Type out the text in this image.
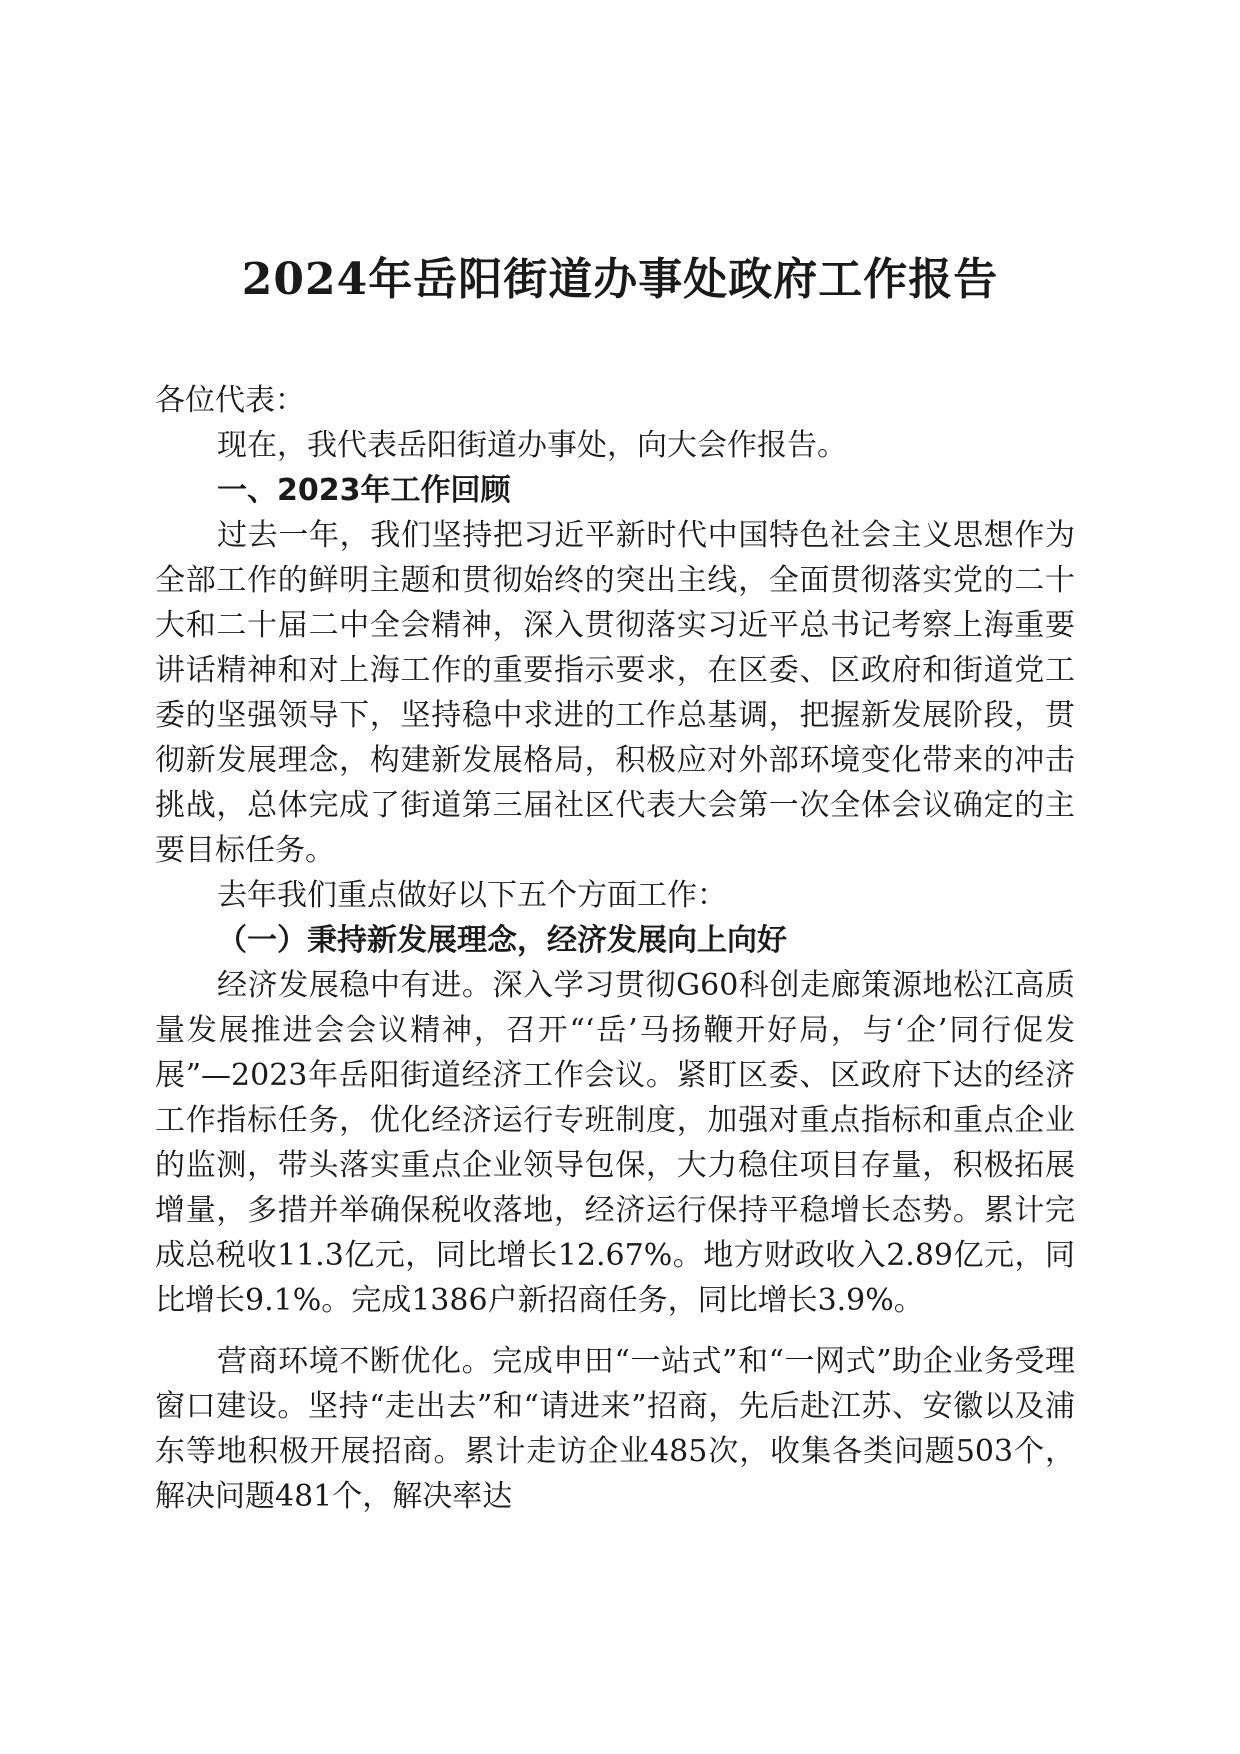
2024年岳阳街道办事处政府工作报告

各位代表：

现在，我代表岳阳街道办事处，向大会作报告。

一、2023年工作回顾

过去一年，我们坚持把习近平新时代中国特色社会主义思想作为全部工作的鲜明主题和贯彻始终的突出主线，全面贯彻落实党的二十大和二十届二中全会精神，深入贯彻落实习近平总书记考察上海重要讲话精神和对上海工作的重要指示要求，在区委、区政府和街道党工委的坚强领导下，坚持稳中求进的工作总基调，把握新发展阶段，贯彻新发展理念，构建新发展格局，积极应对外部环境变化带来的冲击挑战，总体完成了街道第三届社区代表大会第一次全体会议确定的主要目标任务。

去年我们重点做好以下五个方面工作：

（一）秉持新发展理念，经济发展向上向好

经济发展稳中有进。深入学习贯彻G60科创走廊策源地松江高质量发展推进会会议精神，召开“‘岳’马扬鞭开好局，与‘企’同行促发展”—2023年岳阳街道经济工作会议。紧盯区委、区政府下达的经济工作指标任务，优化经济运行专班制度，加强对重点指标和重点企业的监测，带头落实重点企业领导包保，大力稳住项目存量，积极拓展增量，多措并举确保税收落地，经济运行保持平稳增长态势。累计完成总税收11.3亿元，同比增长12.67%。地方财政收入2.89亿元，同比增长9.1%。完成1386户新招商任务，同比增长3.9%。

营商环境不断优化。完成申田“一站式”和“一网式”助企业务受理窗口建设。坚持“走出去”和“请进来”招商，先后赴江苏、安徽以及浦东等地积极开展招商。累计走访企业485次，收集各类问题503个，解决问题481个，解决率达
